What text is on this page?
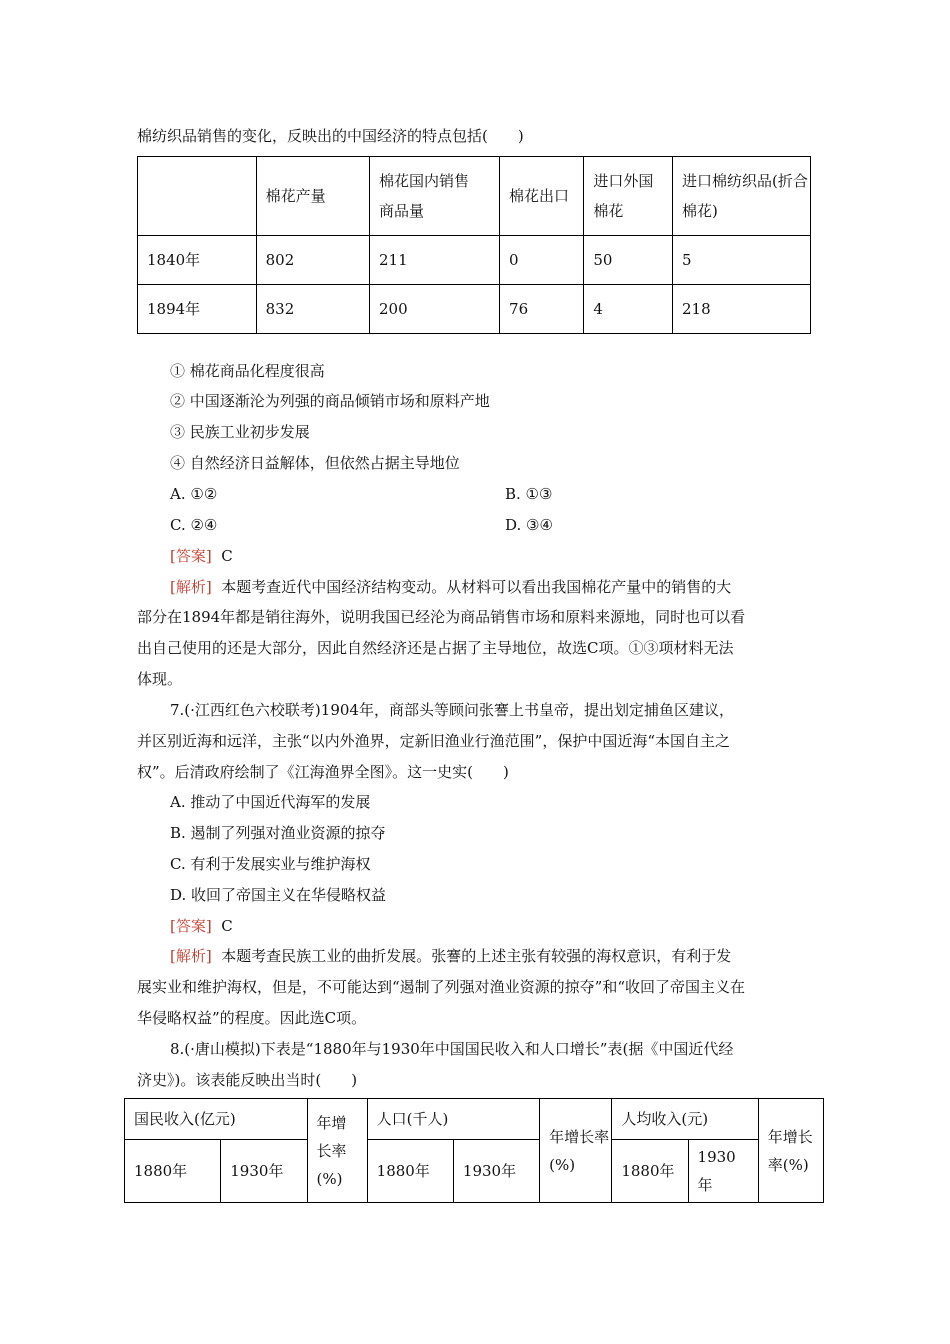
棉纺织品销售的变化，反映出的中国经济的特点包括(　　)
	棉花产量	棉花国内销售商品量	棉花出口	进口外国棉花	进口棉纺织品(折合棉花)

1840年	802	211	0	50	5
1894年	832	200	76	4	218
① 棉花商品化程度很高
② 中国逐渐沦为列强的商品倾销市场和原料产地
③ 民族工业初步发展
④ 自然经济日益解体，但依然占据主导地位
A. ①②	B. ①③
C. ②④	D. ③④
[答案] C
[解析] 本题考查近代中国经济结构变动。从材料可以看出我国棉花产量中的销售的大
部分在1894年都是销往海外，说明我国已经沦为商品销售市场和原料来源地，同时也可以看
出自己使用的还是大部分，因此自然经济还是占据了主导地位，故选C项。①③项材料无法
体现。
7.(·江西红色六校联考)1904年，商部头等顾问张謇上书皇帝，提出划定捕鱼区建议，
并区别近海和远洋，主张“以内外渔界，定新旧渔业行渔范围”，保护中国近海“本国自主之
权”。后清政府绘制了《江海渔界全图》。这一史实(　　)
A. 推动了中国近代海军的发展
B. 遏制了列强对渔业资源的掠夺
C. 有利于发展实业与维护海权
D. 收回了帝国主义在华侵略权益
[答案] C
[解析] 本题考查民族工业的曲折发展。张謇的上述主张有较强的海权意识，有利于发
展实业和维护海权，但是，不可能达到“遏制了列强对渔业资源的掠夺”和“收回了帝国主义在
华侵略权益”的程度。因此选C项。
8.(·唐山模拟)下表是“1880年与1930年中国国民收入和人口增长”表(据《中国近代经
济史》)。该表能反映出当时(　　)
国民收入(亿元)		年增长率(%)	人口(千人)		年增长率(%)	人均收入(元)		年增长率(%)

1880年	1930年		1880年	1930年		1880年	1930年	
